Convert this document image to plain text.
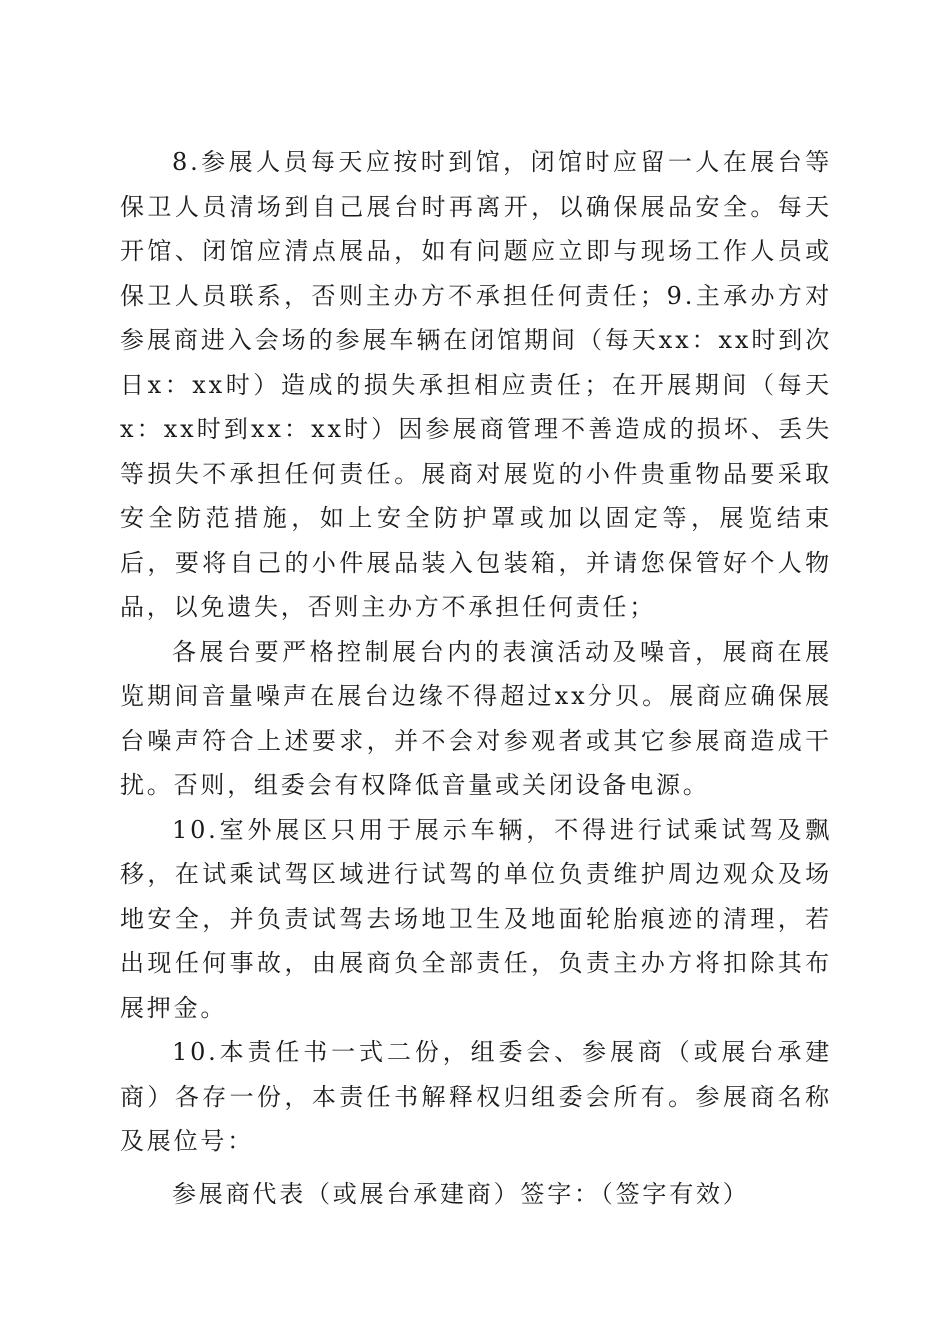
8.参展人员每天应按时到馆，闭馆时应留一人在展台等保卫人员清场到自己展台时再离开，以确保展品安全。每天开馆、闭馆应清点展品，如有问题应立即与现场工作人员或保卫人员联系，否则主办方不承担任何责任；9.主承办方对参展商进入会场的参展车辆在闭馆期间（每天xx：xx时到次日x：xx时）造成的损失承担相应责任；在开展期间（每天x：xx时到xx：xx时）因参展商管理不善造成的损坏、丢失等损失不承担任何责任。展商对展览的小件贵重物品要采取安全防范措施，如上安全防护罩或加以固定等，展览结束后，要将自己的小件展品装入包装箱，并请您保管好个人物品，以免遗失，否则主办方不承担任何责任；

各展台要严格控制展台内的表演活动及噪音，展商在展览期间音量噪声在展台边缘不得超过xx分贝。展商应确保展台噪声符合上述要求，并不会对参观者或其它参展商造成干扰。否则，组委会有权降低音量或关闭设备电源。

10.室外展区只用于展示车辆，不得进行试乘试驾及飘移，在试乘试驾区域进行试驾的单位负责维护周边观众及场地安全，并负责试驾去场地卫生及地面轮胎痕迹的清理，若出现任何事故，由展商负全部责任，负责主办方将扣除其布展押金。

10.本责任书一式二份，组委会、参展商（或展台承建商）各存一份，本责任书解释权归组委会所有。参展商名称及展位号：

参展商代表（或展台承建商）签字：（签字有效）
